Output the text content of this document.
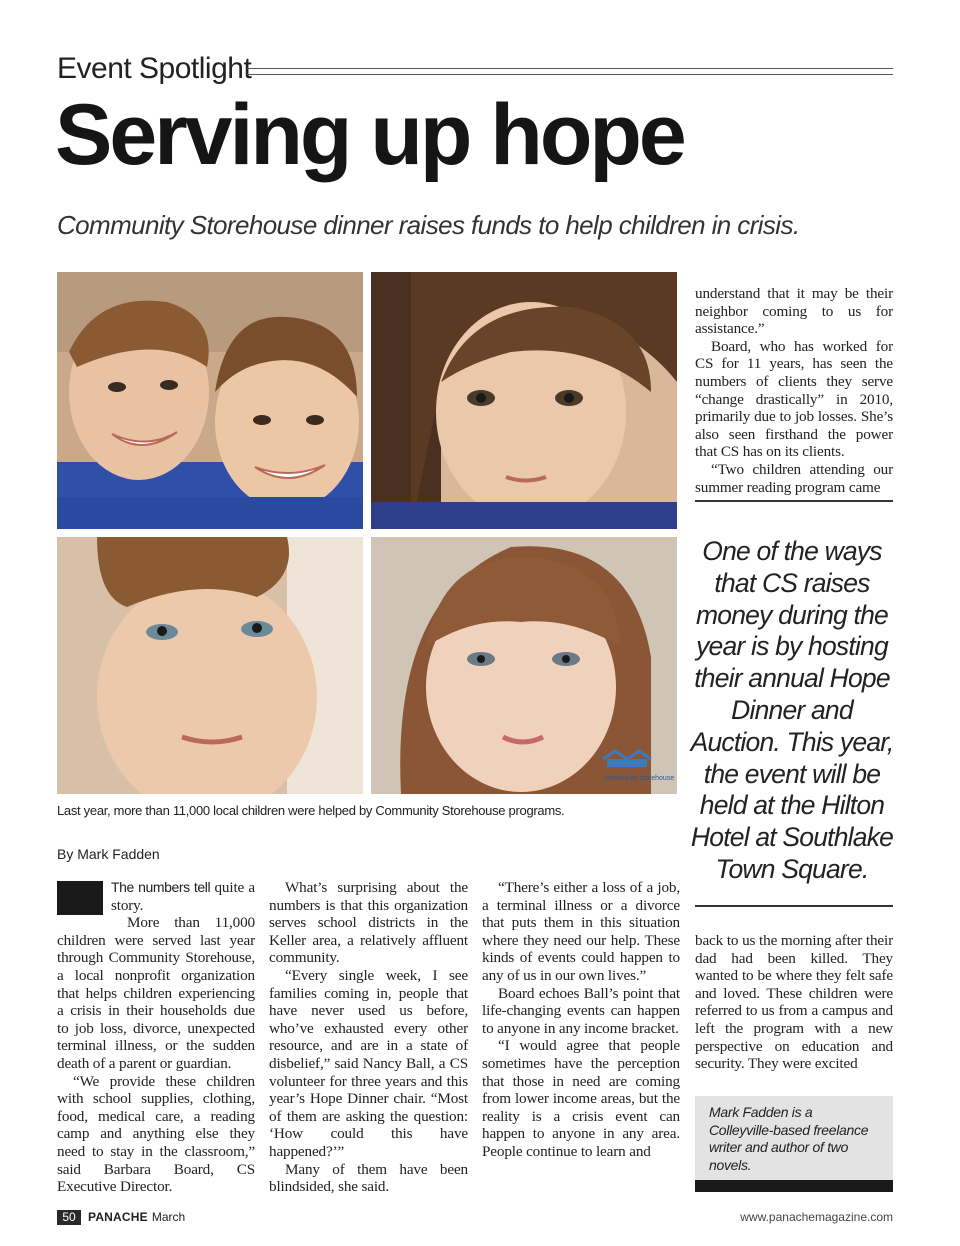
Event Spotlight
Serving up hope
Community Storehouse dinner raises funds to help children in crisis.
community storehouse
Last year, more than 11,000 local children were helped by Community Storehouse programs.
By Mark Fadden

The numbers tell quite a story.

More than 11,000 children were served last year through Community Storehouse, a local nonprofit organization that helps children experiencing a crisis in their households due to job loss, divorce, unexpected terminal illness, or the sudden death of a parent or guardian.

“We provide these children with school supplies, clothing, food, medical care, a reading camp and anything else they need to stay in the classroom,” said Barbara Board, CS Executive Director.

What’s surprising about the numbers is that this organization serves school districts in the Keller area, a relatively affluent community.

“Every single week, I see families coming in, people that have never used us before, who’ve exhausted every other resource, and are in a state of disbelief,” said Nancy Ball, a CS volunteer for three years and this year’s Hope Dinner chair. “Most of them are asking the question: ‘How could this have happened?’”

Many of them have been blindsided, she said.

“There’s either a loss of a job, a terminal illness or a divorce that puts them in this situation where they need our help. These kinds of events could happen to any of us in our own lives.”

Board echoes Ball’s point that life-changing events can happen to anyone in any income bracket.

“I would agree that people sometimes have the perception that those in need are coming from lower income areas, but the reality is a crisis event can happen to anyone in any area. People continue to learn and

understand that it may be their neighbor coming to us for assistance.”

Board, who has worked for CS for 11 years, has seen the numbers of clients they serve “change drastically” in 2010, primarily due to job losses. She’s also seen firsthand the power that CS has on its clients.

“Two children attending our summer reading program came

One of the ways that CS raises money during the year is by hosting their annual Hope Dinner and Auction. This year, the event will be held at the Hilton Hotel at Southlake Town Square.

back to us the morning after their dad had been killed. They wanted to be where they felt safe and loved. These children were referred to us from a campus and left the program with a new perspective on education and security. They were excited

Mark Fadden is a Colleyville-based freelance writer and author of two novels.
50	PANACHE March	www.panachemagazine.com
